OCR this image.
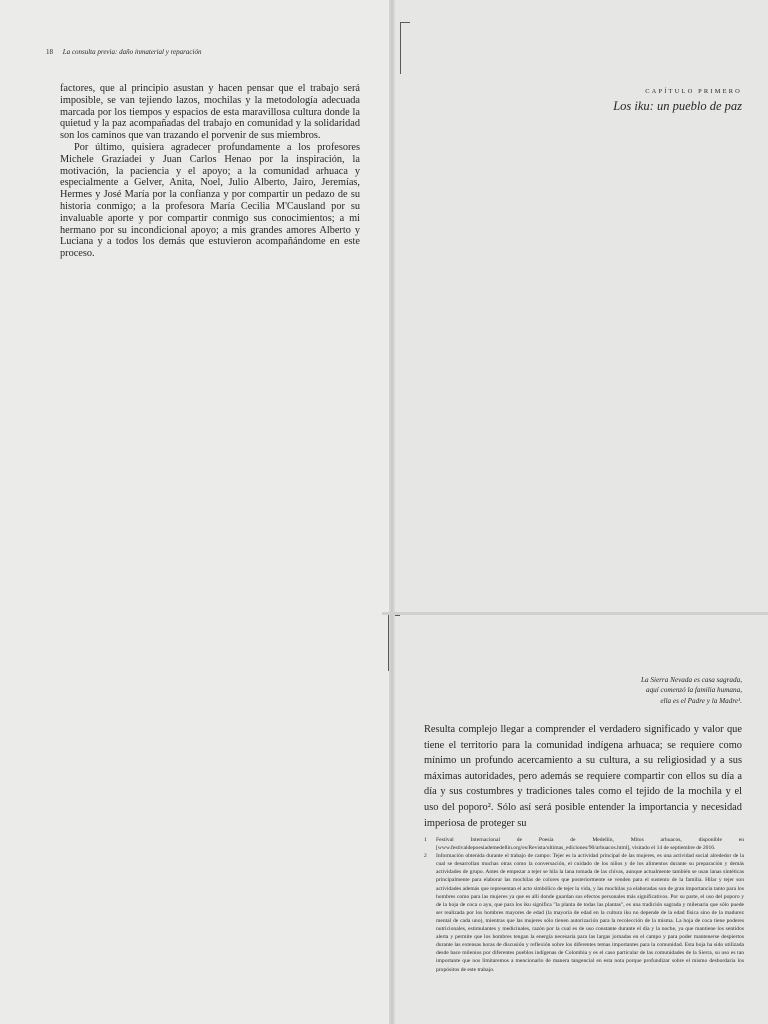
18 La consulta previa: daño inmaterial y reparación

factores, que al principio asustan y hacen pensar que el trabajo será imposible, se van tejiendo lazos, mochilas y la metodología adecuada marcada por los tiempos y espacios de esta maravillosa cultura donde la quietud y la paz acompañadas del trabajo en comunidad y la solidaridad son los caminos que van trazando el porvenir de sus miembros.

Por último, quisiera agradecer profundamente a los profesores Michele Graziadei y Juan Carlos Henao por la inspiración, la motivación, la paciencia y el apoyo; a la comunidad arhuaca y especialmente a Gelver, Anita, Noel, Julio Alberto, Jairo, Jeremías, Hermes y José María por la confianza y por compartir un pedazo de su historia conmigo; a la profesora María Cecilia M'Causland por su invaluable aporte y por compartir conmigo sus conocimientos; a mi hermano por su incondicional apoyo; a mis grandes amores Alberto y Luciana y a todos los demás que estuvieron acompañándome en este proceso.

CAPÍTULO PRIMERO
Los iku: un pueblo de paz
La Sierra Nevada es casa sagrada,
aquí comenzó la familia humana,
ella es el Padre y la Madre¹.

Resulta complejo llegar a comprender el verdadero significado y valor que tiene el territorio para la comunidad indígena arhuaca; se requiere como mínimo un profundo acercamiento a su cultura, a su religiosidad y a sus máximas autoridades, pero además se requiere compartir con ellos su día a día y sus costumbres y tradiciones tales como el tejido de la mochila y el uso del poporo². Sólo así será posible entender la importancia y necesidad imperiosa de proteger su

1 Festival Internacional de Poesía de Medellín, Mitos arhuacos, disponible en [www.festivaldepoesiademedellin.org/es/Revista/ultimas_ediciones/90/arhuacos.html], visitado el 14 de septiembre de 2016.
2 Información obtenida durante el trabajo de campo: Tejer es la actividad principal de las mujeres, es una actividad social alrededor de la cual se desarrollan muchas otras como la conversación, el cuidado de los niños y de los alimentos durante su preparación y demás actividades de grupo. Antes de empezar a tejer se hila la lana tomada de las chivas, aunque actualmente también se usan lanas sintéticas principalmente para elaborar las mochilas de colores que posteriormente se venden para el sustento de la familia. Hilar y tejer son actividades además que representan el acto simbólico de tejer la vida, y las mochilas ya elaboradas son de gran importancia tanto para los hombres como para las mujeres ya que es allí donde guardan sus efectos personales más significativos. Por su parte, el uso del poporo y de la hoja de coca o ayu, que para los iku significa "la planta de todas las plantas", es una tradición sagrada y milenaria que sólo puede ser realizada por los hombres mayores de edad (la mayoría de edad en la cultura iku no depende de la edad física sino de la madurez mental de cada uno), mientras que las mujeres sólo tienen autorización para la recolección de la misma. La hoja de coca tiene poderes nutricionales, estimulantes y medicinales, razón por la cual es de uso constante durante el día y la noche, ya que mantiene los sentidos alerta y permite que los hombres tengan la energía necesaria para las largas jornadas en el campo y para poder mantenerse despiertos durante las extensas horas de discusión y reflexión sobre los diferentes temas importantes para la comunidad. Esta hoja ha sido utilizada desde hace milenios por diferentes pueblos indígenas de Colombia y es el caso particular de las comunidades de la Sierra, su uso es tan importante que nos limitaremos a mencionarlo de manera tangencial en esta nota porque profundizar sobre el mismo desbordaría los propósitos de este trabajo.
